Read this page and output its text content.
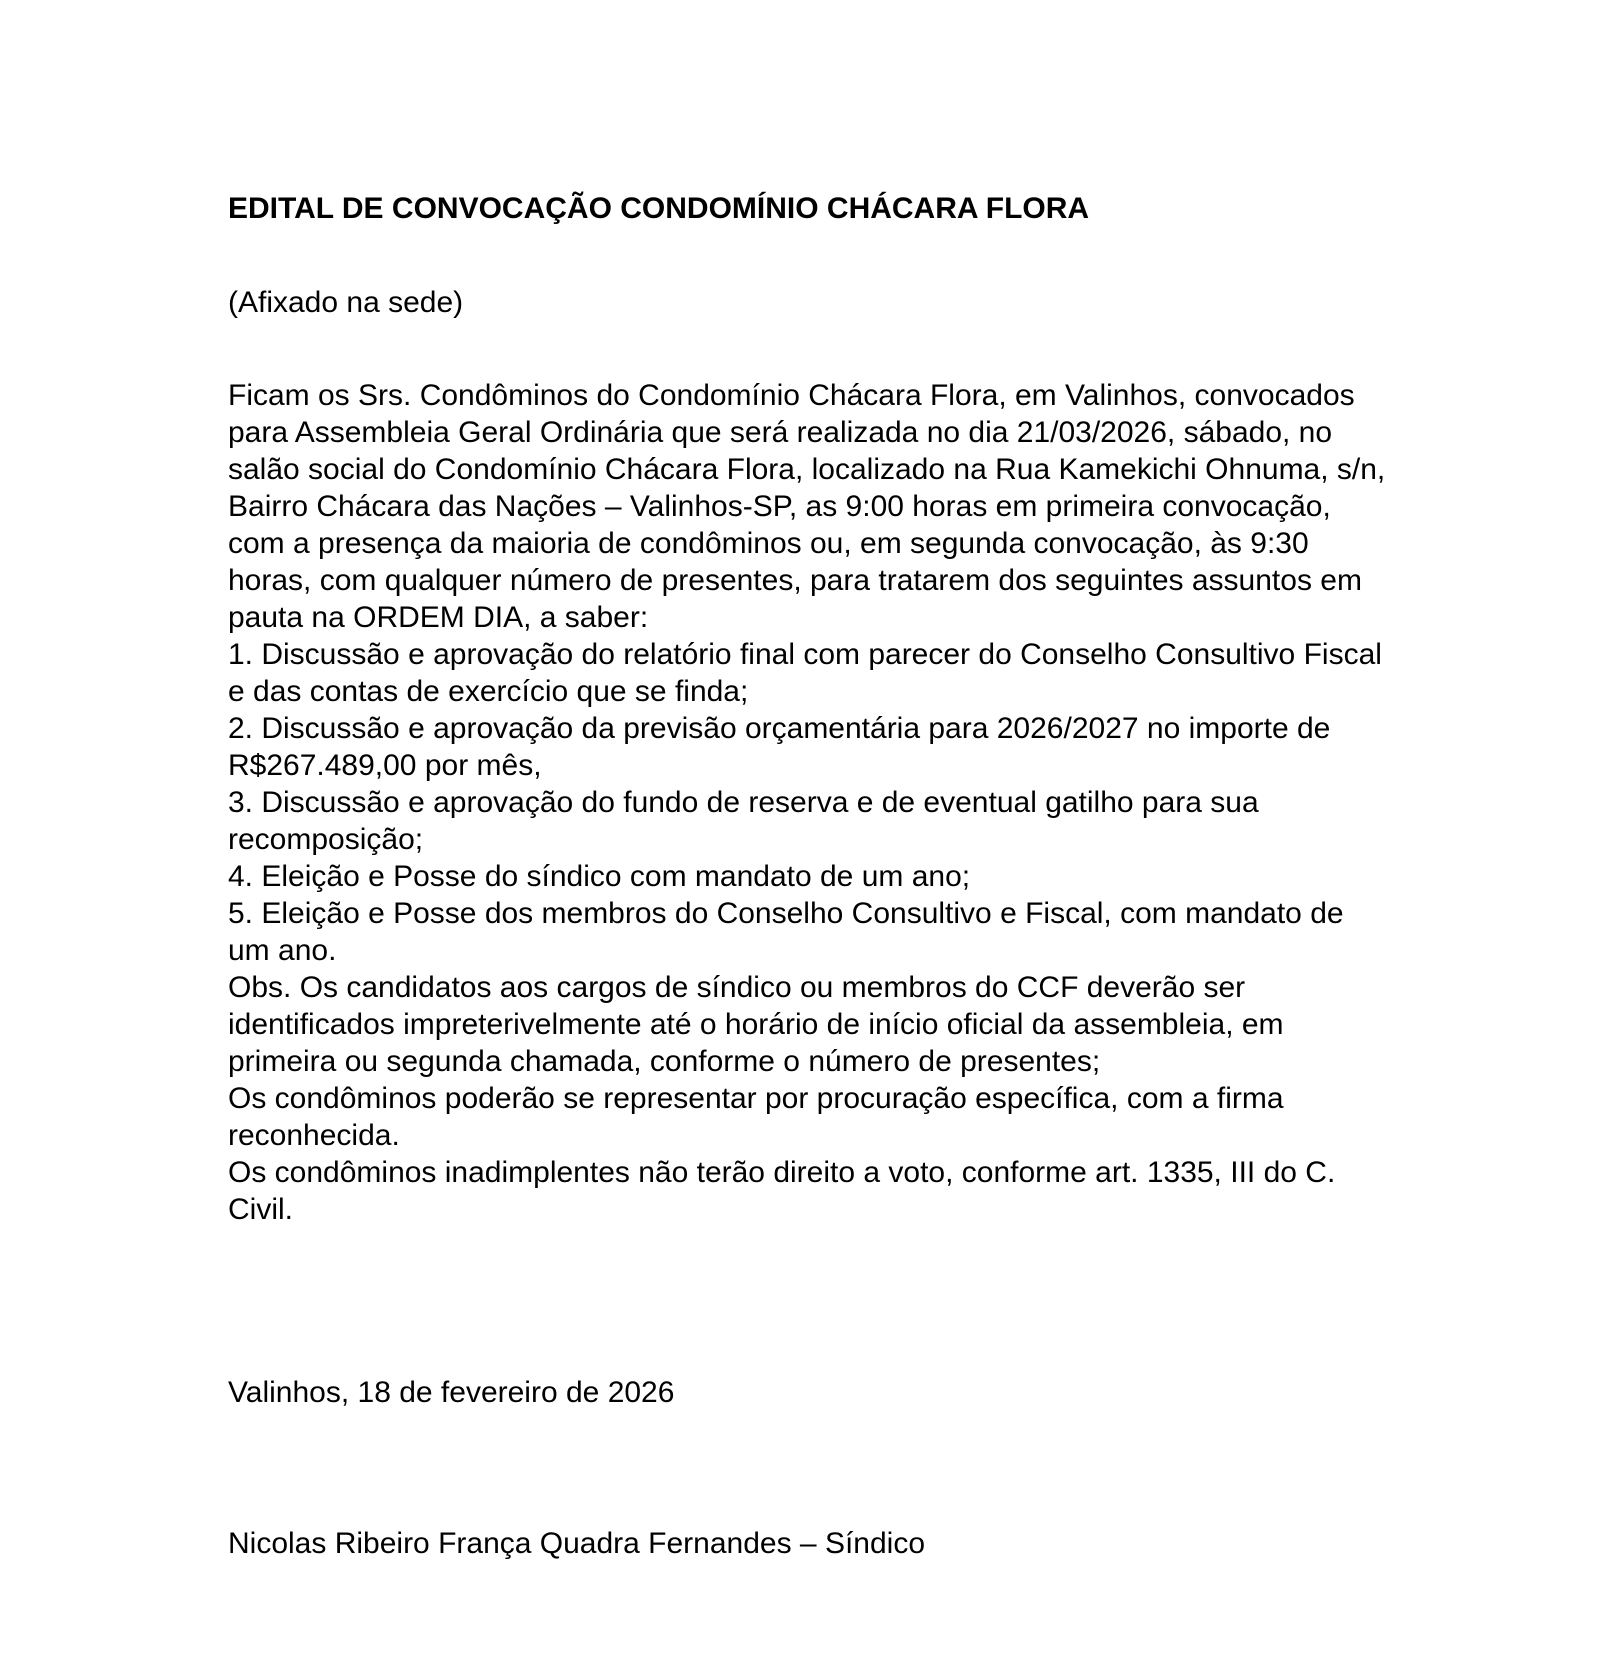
EDITAL DE CONVOCAÇÃO CONDOMÍNIO CHÁCARA FLORA
(Afixado na sede)
Ficam os Srs. Condôminos do Condomínio Chácara Flora, em Valinhos, convocados
para Assembleia Geral Ordinária que será realizada no dia 21/03/2026, sábado, no
salão social do Condomínio Chácara Flora, localizado na Rua Kamekichi Ohnuma, s/n,
Bairro Chácara das Nações – Valinhos-SP, as 9:00 horas em primeira convocação,
com a presença da maioria de condôminos ou, em segunda convocação, às 9:30
horas, com qualquer número de presentes, para tratarem dos seguintes assuntos em
pauta na ORDEM DIA, a saber:
1. Discussão e aprovação do relatório final com parecer do Conselho Consultivo Fiscal
e das contas de exercício que se finda;
2. Discussão e aprovação da previsão orçamentária para 2026/2027 no importe de
R$267.489,00 por mês,
3. Discussão e aprovação do fundo de reserva e de eventual gatilho para sua
recomposição;
4. Eleição e Posse do síndico com mandato de um ano;
5. Eleição e Posse dos membros do Conselho Consultivo e Fiscal, com mandato de
um ano.
Obs. Os candidatos aos cargos de síndico ou membros do CCF deverão ser
identificados impreterivelmente até o horário de início oficial da assembleia, em
primeira ou segunda chamada, conforme o número de presentes;
Os condôminos poderão se representar por procuração específica, com a firma
reconhecida.
Os condôminos inadimplentes não terão direito a voto, conforme art. 1335, III do C.
Civil.
Valinhos, 18 de fevereiro de 2026
Nicolas Ribeiro França Quadra Fernandes – Síndico
